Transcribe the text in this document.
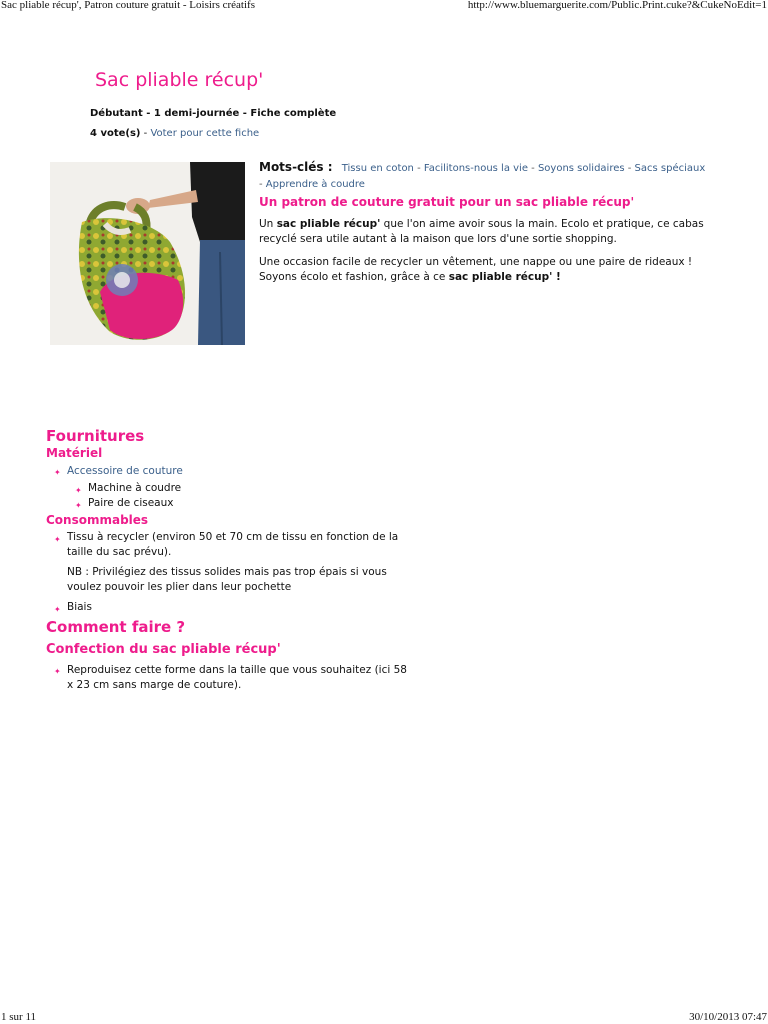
Sac pliable récup', Patron couture gratuit - Loisirs créatifs	http://www.bluemarguerite.com/Public.Print.cuke?&CukeNoEdit=1
Sac pliable récup'
Débutant - 1 demi-journée - Fiche complète
4 vote(s) - Voter pour cette fiche
Mots-clés : Tissu en coton - Facilitons-nous la vie - Soyons solidaires - Sacs spéciaux - Apprendre à coudre
Un patron de couture gratuit pour un sac pliable récup'

Un sac pliable récup' que l'on aime avoir sous la main. Ecolo et pratique, ce cabas recyclé sera utile autant à la maison que lors d'une sortie shopping.

Une occasion facile de recycler un vêtement, une nappe ou une paire de rideaux ! Soyons écolo et fashion, grâce à ce sac pliable récup' !

Fournitures
Matériel
✦ Accessoire de couture
✦ Machine à coudre
✦ Paire de ciseaux
Consommables
✦ Tissu à recycler (environ 50 et 70 cm de tissu en fonction de la
taille du sac prévu).
NB : Privilégiez des tissus solides mais pas trop épais si vous
voulez pouvoir les plier dans leur pochette
✦ Biais
Comment faire ?
Confection du sac pliable récup'
✦ Reproduisez cette forme dans la taille que vous souhaitez (ici 58
x 23 cm sans marge de couture).
1 sur 11	30/10/2013 07:47
